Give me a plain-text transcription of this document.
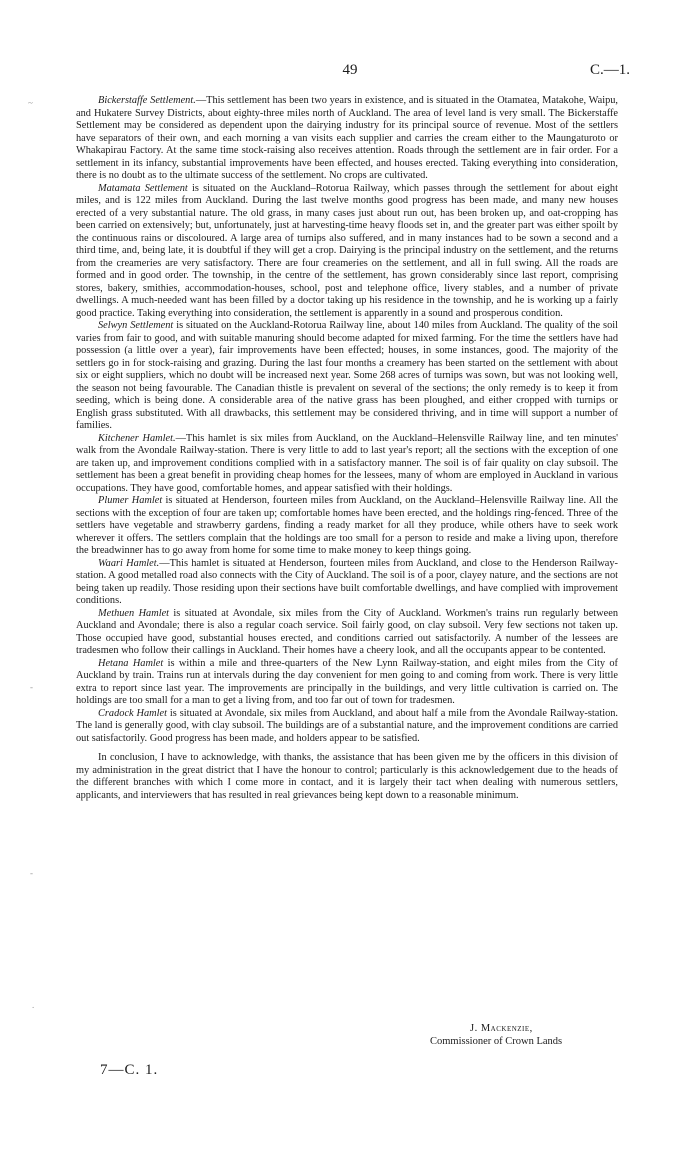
49	C.—1.
~
-
-
.

Bickerstaffe Settlement.—This settlement has been two years in existence, and is situated in the Otamatea, Matakohe, Waipu, and Hukatere Survey Districts, about eighty-three miles north of Auckland. The area of level land is very small. The Bickerstaffe Settlement may be considered as dependent upon the dairying industry for its principal source of revenue. Most of the settlers have separators of their own, and each morning a van visits each supplier and carries the cream either to the Maungaturoto or Whakapirau Factory. At the same time stock-raising also receives attention. Roads through the settlement are in fair order. For a settlement in its infancy, substantial improvements have been effected, and houses erected. Taking everything into consideration, there is no doubt as to the ultimate success of the settlement. No crops are cultivated.

Matamata Settlement is situated on the Auckland–Rotorua Railway, which passes through the settlement for about eight miles, and is 122 miles from Auckland. During the last twelve months good progress has been made, and many new houses erected of a very substantial nature. The old grass, in many cases just about run out, has been broken up, and oat-cropping has been carried on extensively; but, unfortunately, just at harvesting-time heavy floods set in, and the greater part was either spoilt by the continuous rains or discoloured. A large area of turnips also suffered, and in many instances had to be sown a second and a third time, and, being late, it is doubtful if they will get a crop. Dairying is the principal industry on the settlement, and the returns from the creameries are very satisfactory. There are four creameries on the settlement, and all in full swing. All the roads are formed and in good order. The township, in the centre of the settlement, has grown considerably since last report, comprising stores, bakery, smithies, accommodation-houses, school, post and telephone office, livery stables, and a number of private dwellings. A much-needed want has been filled by a doctor taking up his residence in the township, and he is working up a fairly good practice. Taking everything into consideration, the settlement is apparently in a sound and prosperous condition.

Selwyn Settlement is situated on the Auckland-Rotorua Railway line, about 140 miles from Auckland. The quality of the soil varies from fair to good, and with suitable manuring should become adapted for mixed farming. For the time the settlers have had possession (a little over a year), fair improvements have been effected; houses, in some instances, good. The majority of the settlers go in for stock-raising and grazing. During the last four months a creamery has been started on the settlement with about six or eight suppliers, which no doubt will be increased next year. Some 268 acres of turnips was sown, but was not looking well, the season not being favourable. The Canadian thistle is prevalent on several of the sections; the only remedy is to keep it from seeding, which is being done. A considerable area of the native grass has been ploughed, and either cropped with turnips or English grass substituted. With all drawbacks, this settlement may be considered thriving, and in time will support a number of families.

Kitchener Hamlet.—This hamlet is six miles from Auckland, on the Auckland–Helensville Railway line, and ten minutes' walk from the Avondale Railway-station. There is very little to add to last year's report; all the sections with the exception of one are taken up, and improvement conditions complied with in a satisfactory manner. The soil is of fair quality on clay subsoil. The settlement has been a great benefit in providing cheap homes for the lessees, many of whom are employed in Auckland in various occupations. They have good, comfortable homes, and appear satisfied with their holdings.

Plumer Hamlet is situated at Henderson, fourteen miles from Auckland, on the Auckland–Helensville Railway line. All the sections with the exception of four are taken up; comfortable homes have been erected, and the holdings ring-fenced. Three of the settlers have vegetable and strawberry gardens, finding a ready market for all they produce, while others have to seek work wherever it offers. The settlers complain that the holdings are too small for a person to reside and make a living upon, therefore the breadwinner has to go away from home for some time to make money to keep things going.

Waari Hamlet.—This hamlet is situated at Henderson, fourteen miles from Auckland, and close to the Henderson Railway-station. A good metalled road also connects with the City of Auckland. The soil is of a poor, clayey nature, and the sections are not being taken up readily. Those residing upon their sections have built comfortable dwellings, and have complied with improvement conditions.

Methuen Hamlet is situated at Avondale, six miles from the City of Auckland. Workmen's trains run regularly between Auckland and Avondale; there is also a regular coach service. Soil fairly good, on clay subsoil. Very few sections not taken up. Those occupied have good, substantial houses erected, and conditions carried out satisfactorily. A number of the lessees are tradesmen who follow their callings in Auckland. Their homes have a cheery look, and all the occupants appear to be contented.

Hetana Hamlet is within a mile and three-quarters of the New Lynn Railway-station, and eight miles from the City of Auckland by train. Trains run at intervals during the day convenient for men going to and coming from work. There is very little extra to report since last year. The improvements are principally in the buildings, and very little cultivation is carried on. The holdings are too small for a man to get a living from, and too far out of town for tradesmen.

Cradock Hamlet is situated at Avondale, six miles from Auckland, and about half a mile from the Avondale Railway-station. The land is generally good, with clay subsoil. The buildings are of a substantial nature, and the improvement conditions are carried out satisfactorily. Good progress has been made, and holders appear to be satisfied.

In conclusion, I have to acknowledge, with thanks, the assistance that has been given me by the officers in this division of my administration in the great district that I have the honour to control; particularly is this acknowledgement due to the heads of the different branches with which I come more in contact, and it is largely their tact when dealing with numerous settlers, applicants, and interviewers that has resulted in real grievances being kept down to a reasonable minimum.

J. Mackenzie,
Commissioner of Crown Lands
7—C. 1.
